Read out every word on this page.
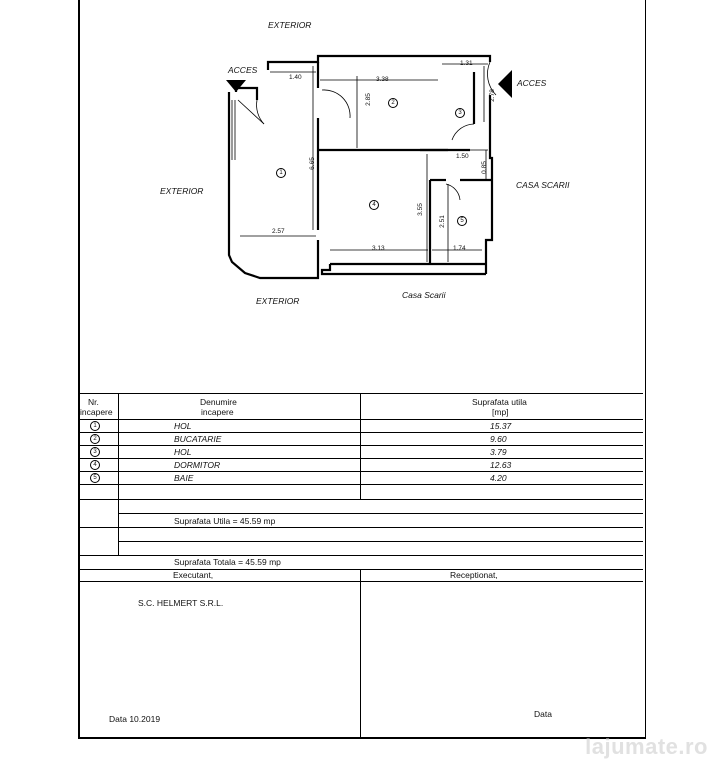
EXTERIOR
ACCES
ACCES
EXTERIOR
CASA SCARII
EXTERIOR
Casa Scarii
1.40	3.38
1.31
2.85	2.78
6.65
1.50
0.85
3.55
2.51
2.57
3.13	1.74
1
2
3
4
5
Nr.
incapere
Denumire
incapere
Suprafata utila
[mp]
1	HOL	15.37
2	BUCATARIE	9.60
3	HOL	3.79
4	DORMITOR	12.63
5	BAIE	4.20
Suprafata Utila = 45.59 mp
Suprafata Totala = 45.59 mp
Executant,	Receptionat,
S.C. HELMERT S.R.L.
Data 10.2019	Data
lajumate.ro
